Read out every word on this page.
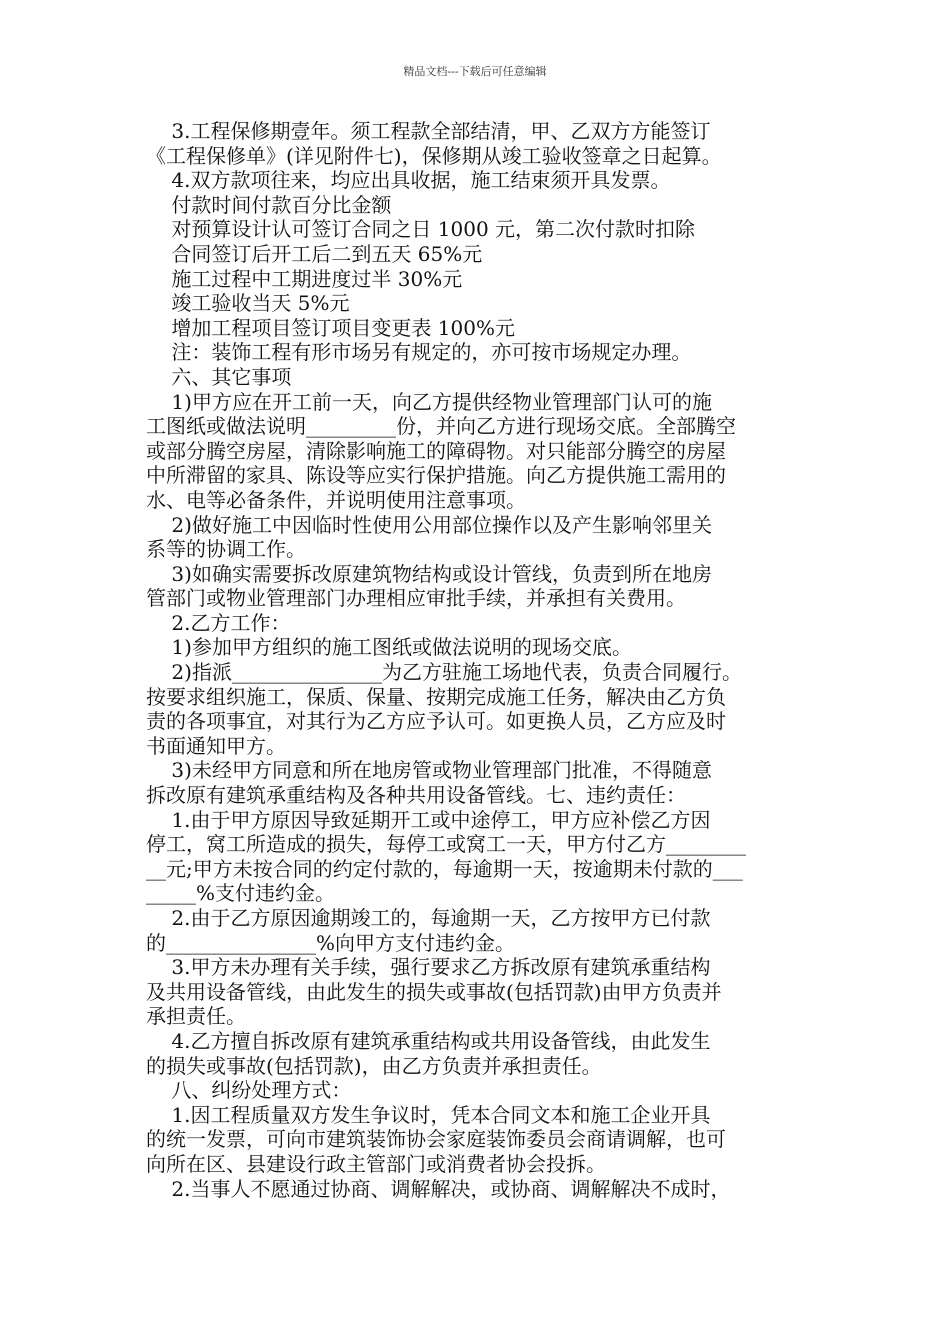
精品文档---下载后可任意编辑
3.工程保修期壹年。须工程款全部结清，甲、乙双方方能签订
《工程保修单》(详见附件七)，保修期从竣工验收签章之日起算。
4.双方款项往来，均应出具收据，施工结束须开具发票。
付款时间付款百分比金额
对预算设计认可签订合同之日 1000 元，第二次付款时扣除
合同签订后开工后二到五天 65%元
施工过程中工期进度过半 30%元
竣工验收当天 5%元
增加工程项目签订项目变更表 100%元
注：装饰工程有形市场另有规定的，亦可按市场规定办理。
六、其它事项
1)甲方应在开工前一天，向乙方提供经物业管理部门认可的施
工图纸或做法说明_________份，并向乙方进行现场交底。全部腾空
或部分腾空房屋，清除影响施工的障碍物。对只能部分腾空的房屋
中所滞留的家具、陈设等应实行保护措施。向乙方提供施工需用的
水、电等必备条件，并说明使用注意事项。
2)做好施工中因临时性使用公用部位操作以及产生影响邻里关
系等的协调工作。
3)如确实需要拆改原建筑物结构或设计管线，负责到所在地房
管部门或物业管理部门办理相应审批手续，并承担有关费用。
2.乙方工作：
1)参加甲方组织的施工图纸或做法说明的现场交底。
2)指派_______________为乙方驻施工场地代表，负责合同履行。
按要求组织施工，保质、保量、按期完成施工任务，解决由乙方负
责的各项事宜，对其行为乙方应予认可。如更换人员，乙方应及时
书面通知甲方。
3)未经甲方同意和所在地房管或物业管理部门批准，不得随意
拆改原有建筑承重结构及各种共用设备管线。七、违约责任：
1.由于甲方原因导致延期开工或中途停工，甲方应补偿乙方因
停工，窝工所造成的损失，每停工或窝工一天，甲方付乙方________
__元;甲方未按合同的约定付款的，每逾期一天，按逾期未付款的___
_____%支付违约金。
2.由于乙方原因逾期竣工的，每逾期一天，乙方按甲方已付款
的_______________%向甲方支付违约金。
3.甲方未办理有关手续，强行要求乙方拆改原有建筑承重结构
及共用设备管线，由此发生的损失或事故(包括罚款)由甲方负责并
承担责任。
4.乙方擅自拆改原有建筑承重结构或共用设备管线，由此发生
的损失或事故(包括罚款)，由乙方负责并承担责任。
八、纠纷处理方式：
1.因工程质量双方发生争议时，凭本合同文本和施工企业开具
的统一发票，可向市建筑装饰协会家庭装饰委员会商请调解，也可
向所在区、县建设行政主管部门或消费者协会投拆。
2.当事人不愿通过协商、调解解决，或协商、调解解决不成时，
